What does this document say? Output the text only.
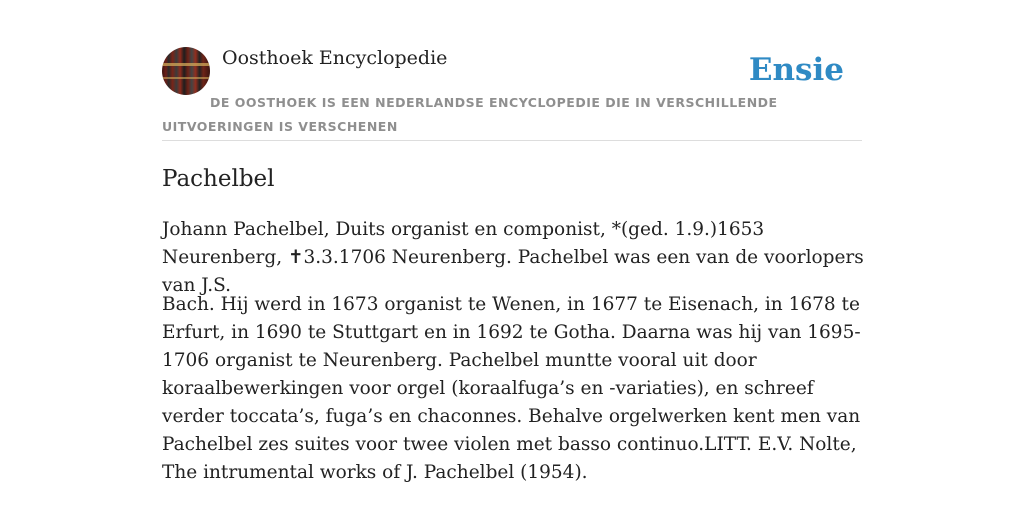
Oosthoek Encyclopedie	Ensie
DE OOSTHOEK IS EEN NEDERLANDSE ENCYCLOPEDIE DIE IN VERSCHILLENDE UITVOERINGEN IS VERSCHENEN
Pachelbel

Johann Pachelbel, Duits organist en componist, *(ged. 1.9.)1653 Neurenberg, ✝3.3.1706 Neurenberg. Pachelbel was een van de voorlopers van J.S.

Bach. Hij werd in 1673 organist te Wenen, in 1677 te Eisenach, in 1678 te Erfurt, in 1690 te Stuttgart en in 1692 te Gotha. Daarna was hij van 1695-1706 organist te Neurenberg. Pachelbel muntte vooral uit door koraalbewerkingen voor orgel (koraalfuga’s en -variaties), en schreef verder toccata’s, fuga’s en chaconnes. Behalve orgelwerken kent men van Pachelbel zes suites voor twee violen met basso continuo.LITT. E.V. Nolte, The intrumental works of J. Pachelbel (1954).
